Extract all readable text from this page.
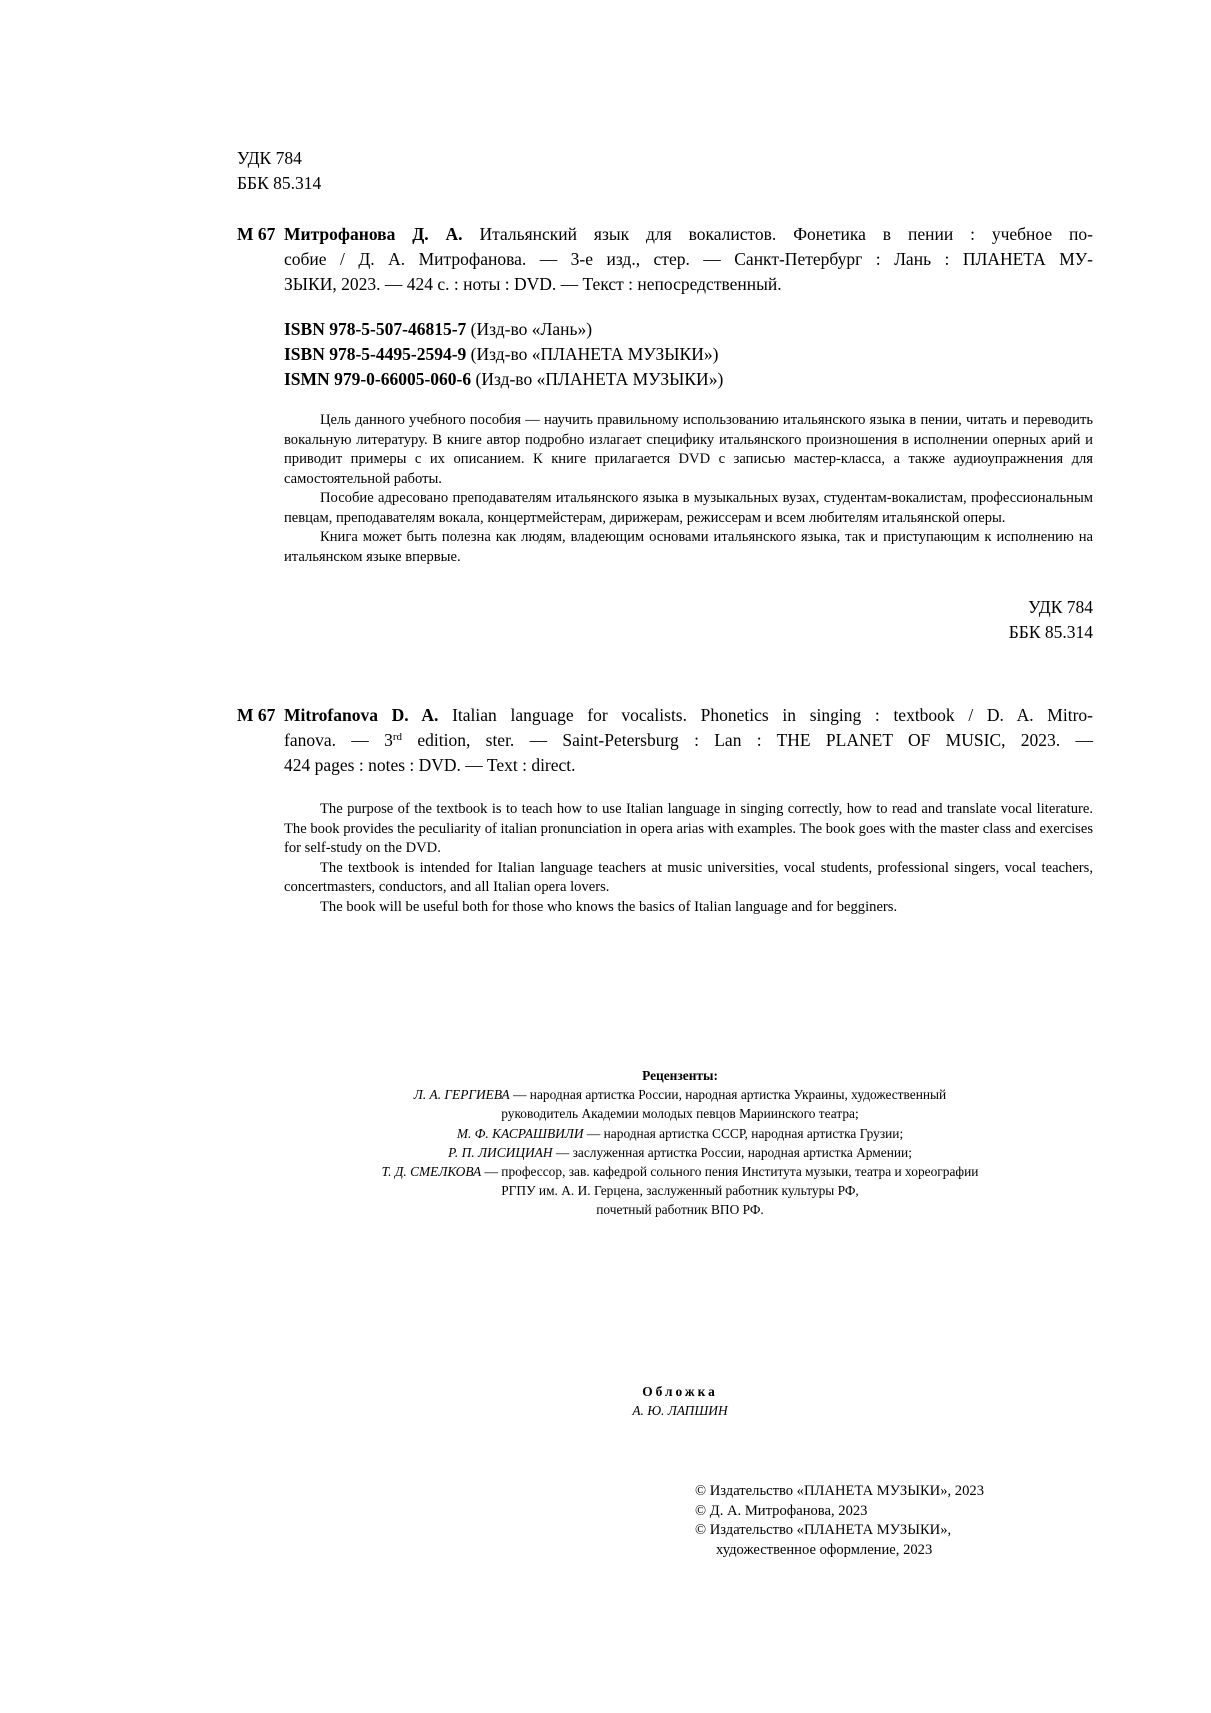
УДК 784
ББК 85.314
М 67 Митрофанова Д. А. Итальянский язык для вокалистов. Фонетика в пении : учебное по-
собие / Д. А. Митрофанова. — 3-е изд., стер. — Санкт-Петербург : Лань : ПЛАНЕТА МУ-
ЗЫКИ, 2023. — 424 с. : ноты : DVD. — Текст : непосредственный.
ISBN 978-5-507-46815-7 (Изд-во «Лань»)
ISBN 978-5-4495-2594-9 (Изд-во «ПЛАНЕТА МУЗЫКИ»)
ISMN 979-0-66005-060-6 (Изд-во «ПЛАНЕТА МУЗЫКИ»)

Цель данного учебного пособия — научить правильному использованию итальянского языка в пении, читать и переводить вокальную литературу. В книге автор подробно излагает специфику итальянского произношения в исполнении оперных арий и приводит примеры с их описанием. К книге прилагается DVD с записью мастер-класса, а также аудиоупражнения для самостоятельной работы.

Пособие адресовано преподавателям итальянского языка в музыкальных вузах, студентам-вокалистам, профессиональным певцам, преподавателям вокала, концертмейстерам, дирижерам, режиссерам и всем любителям итальянской оперы.

Книга может быть полезна как людям, владеющим основами итальянского языка, так и приступающим к исполнению на итальянском языке впервые.

УДК 784
ББК 85.314
М 67 Mitrofanova D. A. Italian language for vocalists. Phonetics in singing : textbook / D. A. Mitro-
fanova. — 3rd edition, ster. — Saint-Petersburg : Lan : THE PLANET OF MUSIC, 2023. —
424 pages : notes : DVD. — Text : direct.

The purpose of the textbook is to teach how to use Italian language in singing correctly, how to read and translate vocal literature. The book provides the peculiarity of italian pronunciation in opera arias with examples. The book goes with the master class and exercises for self-study on the DVD.

The textbook is intended for Italian language teachers at music universities, vocal students, professional singers, vocal teachers, concertmasters, conductors, and all Italian opera lovers.

The book will be useful both for those who knows the basics of Italian language and for begginers.

Рецензенты:
Л. А. ГЕРГИЕВА — народная артистка России, народная артистка Украины, художественный
руководитель Академии молодых певцов Мариинского театра;
М. Ф. КАСРАШВИЛИ — народная артистка СССР, народная артистка Грузии;
Р. П. ЛИСИЦИАН — заслуженная артистка России, народная артистка Армении;
Т. Д. СМЕЛКОВА — профессор, зав. кафедрой сольного пения Института музыки, театра и хореографии
РГПУ им. А. И. Герцена, заслуженный работник культуры РФ,
почетный работник ВПО РФ.
Обложка
А. Ю. ЛАПШИН
© Издательство «ПЛАНЕТА МУЗЫКИ», 2023
© Д. А. Митрофанова, 2023
© Издательство «ПЛАНЕТА МУЗЫКИ»,
художественное оформление, 2023
